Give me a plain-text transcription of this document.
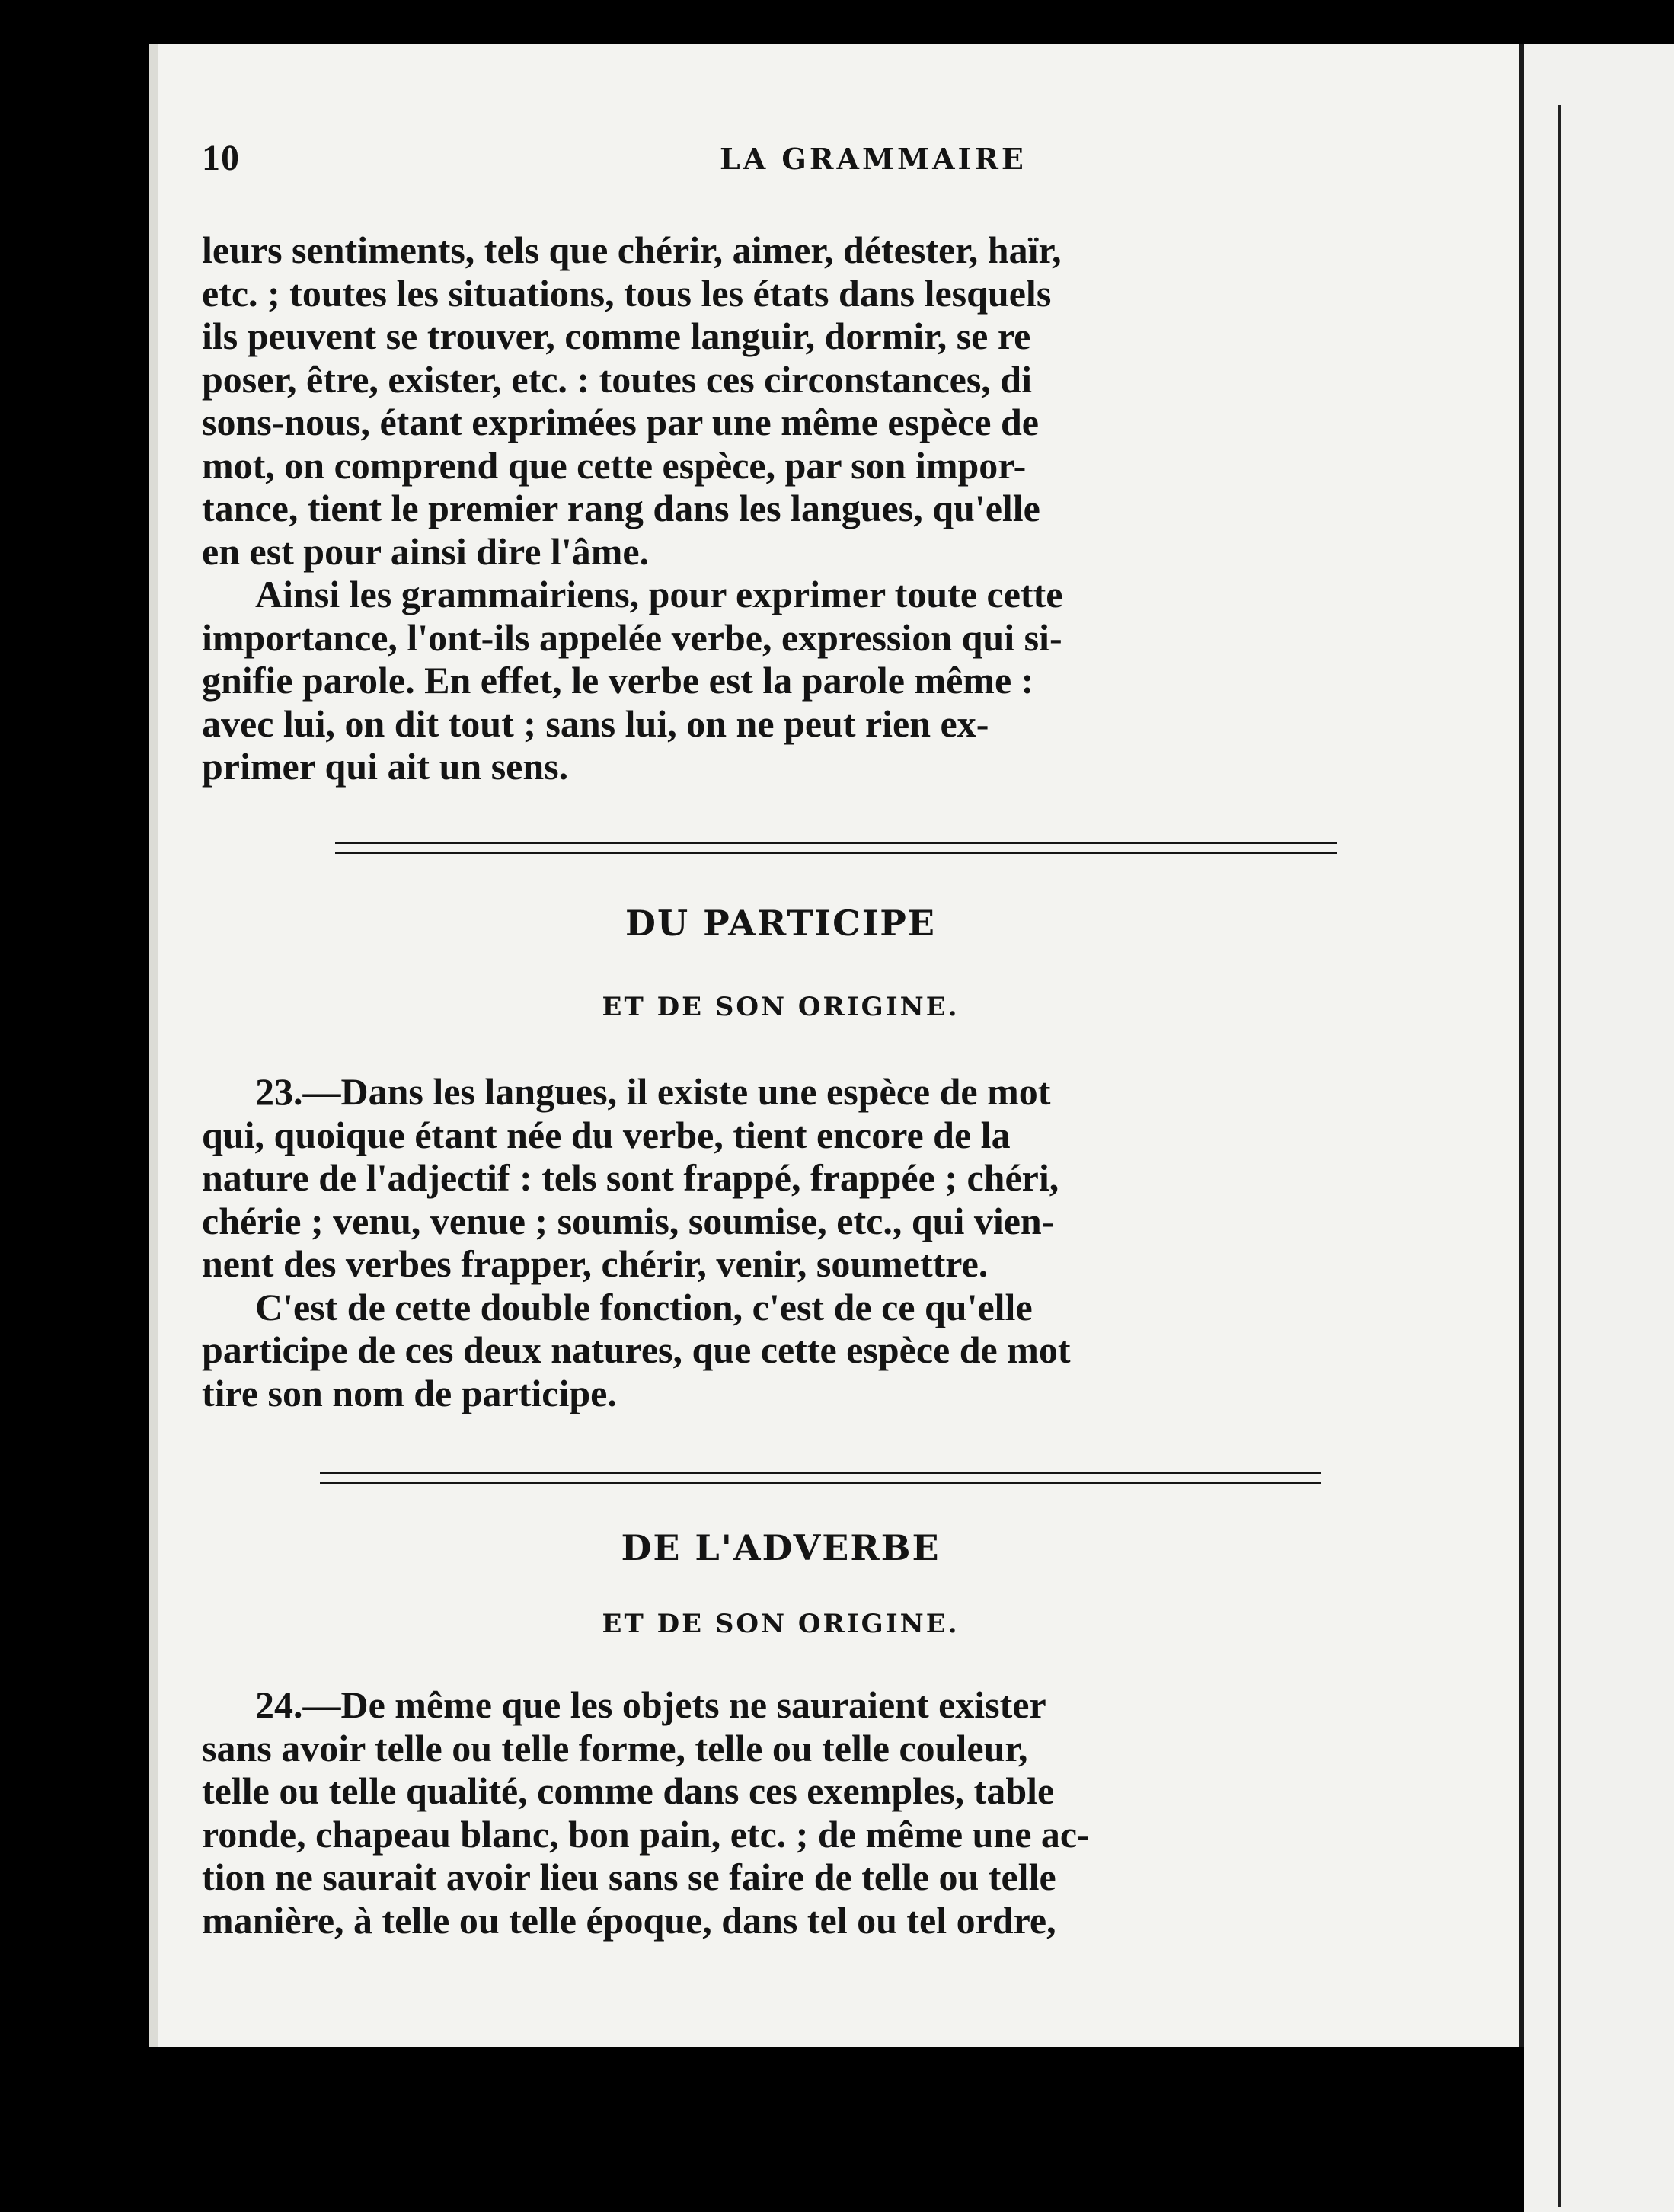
10	LA GRAMMAIRE
leurs sentiments, tels que chérir, aimer, détester, haïr,
etc. ; toutes les situations, tous les états dans lesquels
ils peuvent se trouver, comme languir, dormir, se re
poser, être, exister, etc. : toutes ces circonstances, di
sons-nous, étant exprimées par une même espèce de
mot, on comprend que cette espèce, par son impor-
tance, tient le premier rang dans les langues, qu'elle
en est pour ainsi dire l'âme.
Ainsi les grammairiens, pour exprimer toute cette
importance, l'ont-ils appelée verbe, expression qui si-
gnifie parole. En effet, le verbe est la parole même :
avec lui, on dit tout ; sans lui, on ne peut rien ex-
primer qui ait un sens.
DU PARTICIPE
ET DE SON ORIGINE.
23.—Dans les langues, il existe une espèce de mot
qui, quoique étant née du verbe, tient encore de la
nature de l'adjectif : tels sont frappé, frappée ; chéri,
chérie ; venu, venue ; soumis, soumise, etc., qui vien-
nent des verbes frapper, chérir, venir, soumettre.
C'est de cette double fonction, c'est de ce qu'elle
participe de ces deux natures, que cette espèce de mot
tire son nom de participe.
DE L'ADVERBE
ET DE SON ORIGINE.
24.—De même que les objets ne sauraient exister
sans avoir telle ou telle forme, telle ou telle couleur,
telle ou telle qualité, comme dans ces exemples, table
ronde, chapeau blanc, bon pain, etc. ; de même une ac-
tion ne saurait avoir lieu sans se faire de telle ou telle
manière, à telle ou telle époque, dans tel ou tel ordre,
